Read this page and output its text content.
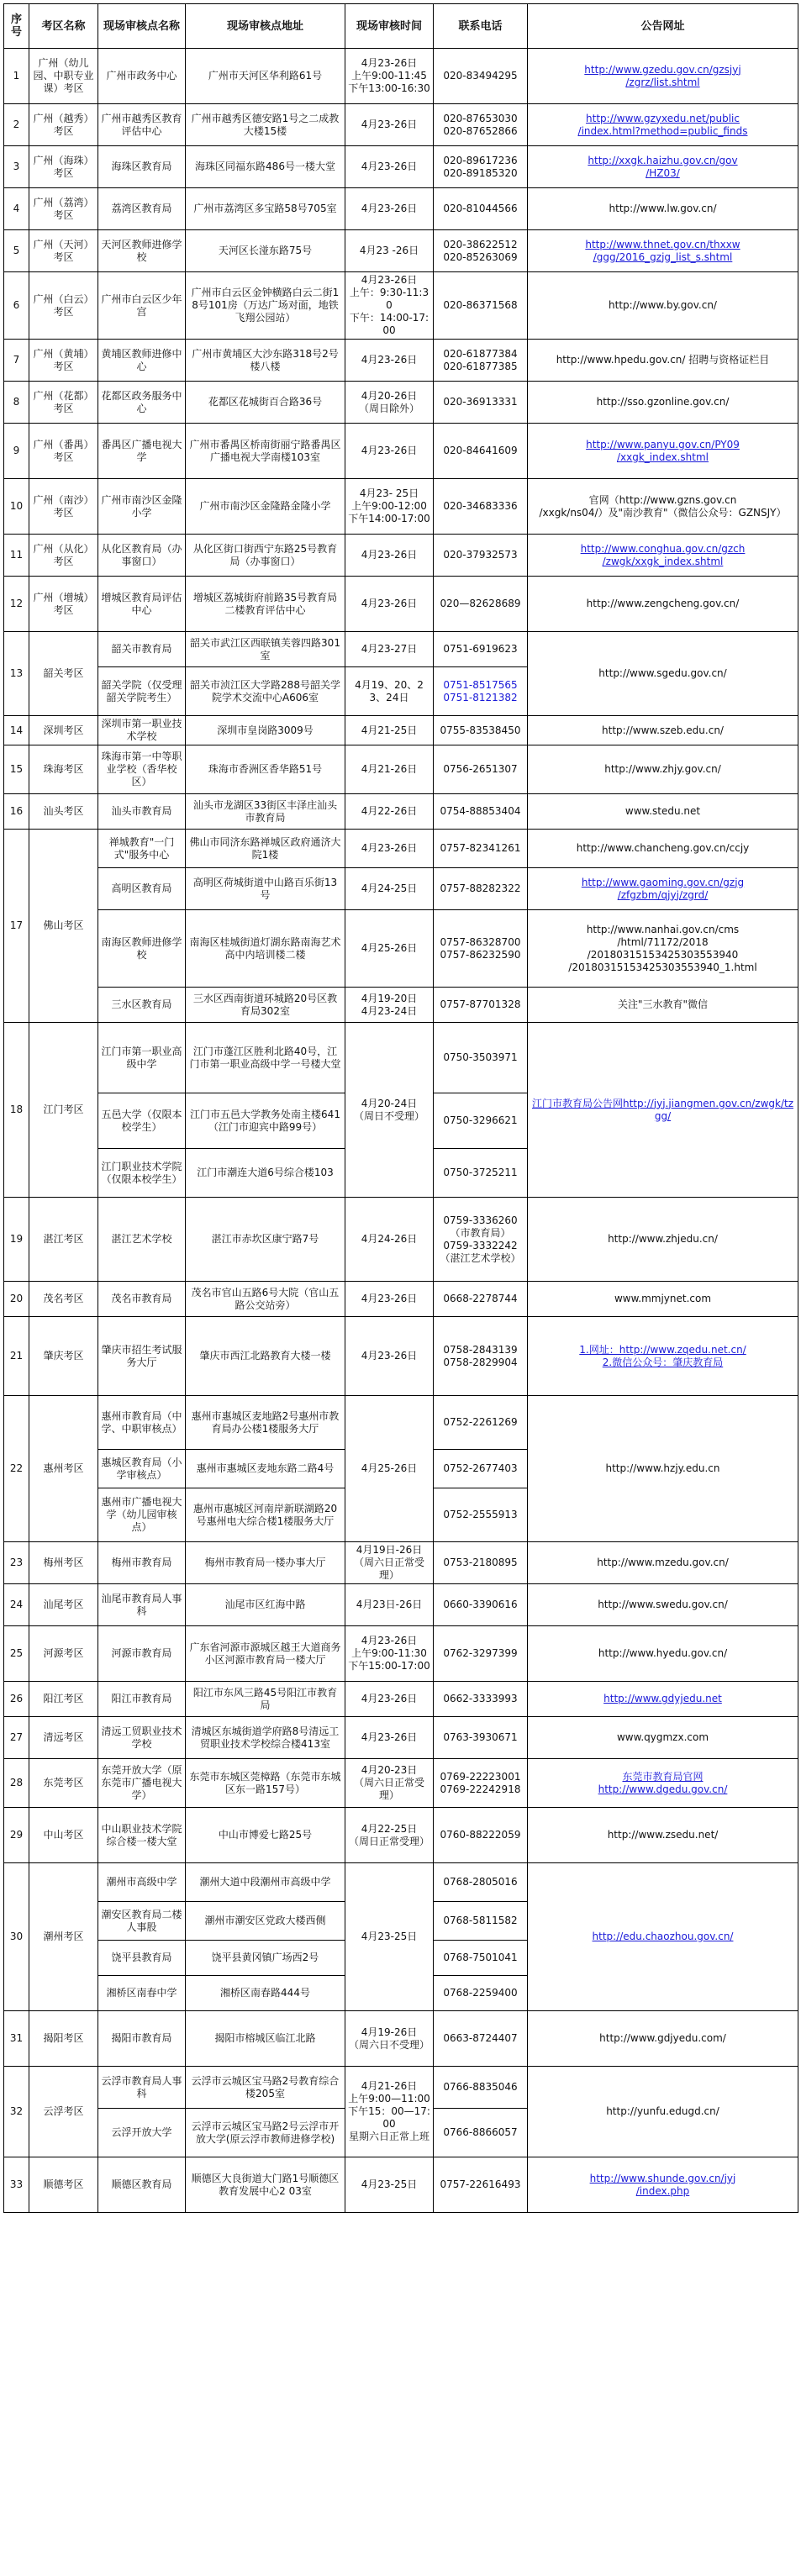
序号	考区名称	现场审核点名称	现场审核点地址	现场审核时间	联系电话	公告网址
1	广州（幼儿园、中职专业课）考区	广州市政务中心	广州市天河区华利路61号	4月23-26日
上午9:00-11:45
下午13:00-16:30	020-83494295	http://www.gzedu.gov.cn/gzsjyj
/zgrz/list.shtml
2	广州（越秀）考区	广州市越秀区教育评估中心	广州市越秀区德安路1号之二成教大楼15楼	4月23-26日	020-87653030
020-87652866	http://www.gzyxedu.net/public
/index.html?method=public_finds
3	广州（海珠）考区	海珠区教育局	海珠区同福东路486号一楼大堂	4月23-26日	020-89617236
020-89185320	http://xxgk.haizhu.gov.cn/gov
/HZ03/
4	广州（荔湾）考区	荔湾区教育局	广州市荔湾区多宝路58号705室	4月23-26日	020-81044566	http://www.lw.gov.cn/
5	广州（天河）考区	天河区教师进修学校	天河区长湴东路75号	4月23 -26日	020-38622512
020-85263069	http://www.thnet.gov.cn/thxxw
/ggg/2016_gzjg_list_s.shtml
6	广州（白云）考区	广州市白云区少年宫	广州市白云区金钟横路白云二街18号101房（万达广场对面，地铁飞翔公园站）	4月23-26日
上午：9:30-11:30
下午：14:00-17:00	020-86371568	http://www.by.gov.cn/
7	广州（黄埔）考区	黄埔区教师进修中心	广州市黄埔区大沙东路318号2号楼八楼	4月23-26日	020-61877384
020-61877385	http://www.hpedu.gov.cn/ 招聘与资格证栏目
8	广州（花都）考区	花都区政务服务中心	花都区花城街百合路36号	4月20-26日
（周日除外）	020-36913331	http://sso.gzonline.gov.cn/
9	广州（番禺）考区	番禺区广播电视大学	广州市番禺区桥南街丽宁路番禺区广播电视大学南楼103室	4月23-26日	020-84641609	http://www.panyu.gov.cn/PY09
/xxgk_index.shtml
10	广州（南沙）考区	广州市南沙区金隆小学	广州市南沙区金隆路金隆小学	4月23- 25日
上午9:00-12:00
下午14:00-17:00	020-34683336	官网（http://www.gzns.gov.cn
/xxgk/ns04/）及"南沙教育"（微信公众号：GZNSJY）
11	广州（从化）考区	从化区教育局（办事窗口）	从化区街口街西宁东路25号教育局（办事窗口）	4月23-26日	020-37932573	http://www.conghua.gov.cn/gzch
/zwgk/xxgk_index.shtml
12	广州（增城）考区	增城区教育局评估中心	增城区荔城街府前路35号教育局二楼教育评估中心	4月23-26日	020—82628689	http://www.zengcheng.gov.cn/
13	韶关考区	韶关市教育局	韶关市武江区西联镇芙蓉四路301室	4月23-27日	0751-6919623	http://www.sgedu.gov.cn/
		韶关学院（仅受理韶关学院考生）	韶关市浈江区大学路288号韶关学院学术交流中心A606室	4月19、20、23、24日	0751-8517565
0751-8121382	
14	深圳考区	深圳市第一职业技术学校	深圳市皇岗路3009号	4月21-25日	0755-83538450	http://www.szeb.edu.cn/
15	珠海考区	珠海市第一中等职业学校（香华校区）	珠海市香洲区香华路51号	4月21-26日	0756-2651307	http://www.zhjy.gov.cn/
16	汕头考区	汕头市教育局	汕头市龙湖区33街区丰泽庄汕头市教育局	4月22-26日	0754-88853404	www.stedu.net
17	佛山考区	禅城教育"一门式"服务中心	佛山市同济东路禅城区政府通济大院1楼	4月23-26日	0757-82341261	http://www.chancheng.gov.cn/ccjy
		高明区教育局	高明区荷城街道中山路百乐街13号	4月24-25日	0757-88282322	http://www.gaoming.gov.cn/gzjg
/zfgzbm/qjyj/zgrd/
		南海区教师进修学校	南海区桂城街道灯湖东路南海艺术高中内培训楼二楼	4月25-26日	0757-86328700
0757-86232590	http://www.nanhai.gov.cn/cms
/html/71172/2018
/20180315153425303553940
/20180315153425303553940_1.html
		三水区教育局	三水区西南街道环城路20号区教育局302室	4月19-20日
4月23-24日	0757-87701328	关注"三水教育"微信

18	江门考区	江门市第一职业高级中学	江门市蓬江区胜利北路40号，江门市第一职业高级中学一号楼大堂	4月20-24日
（周日不受理）	0750-3503971	江门市教育局公告网http://jyj.jiangmen.gov.cn/zwgk/tzgg/
		五邑大学（仅限本校学生）	江门市五邑大学教务处南主楼641（江门市迎宾中路99号）		0750-3296621	
		江门职业技术学院（仅限本校学生）	江门市潮连大道6号综合楼103		0750-3725211	
19	湛江考区	湛江艺术学校	湛江市赤坎区康宁路7号	4月24-26日	0759-3336260
（市教育局）
0759-3332242
（湛江艺术学校）	http://www.zhjedu.cn/
20	茂名考区	茂名市教育局	茂名市官山五路6号大院（官山五路公交站旁）	4月23-26日	0668-2278744	www.mmjynet.com
21	肇庆考区	肇庆市招生考试服务大厅	肇庆市西江北路教育大楼一楼	4月23-26日	0758-2843139
0758-2829904	1.网址：http://www.zqedu.net.cn/
2.微信公众号：肇庆教育局
22	惠州考区	惠州市教育局（中学、中职审核点）	惠州市惠城区麦地路2号惠州市教育局办公楼1楼服务大厅	4月25-26日	0752-2261269	http://www.hzjy.edu.cn
		惠城区教育局（小学审核点）	惠州市惠城区麦地东路二路4号		0752-2677403	
		惠州市广播电视大学（幼儿园审核点）	惠州市惠城区河南岸新联湖路20号惠州电大综合楼1楼服务大厅		0752-2555913	
23	梅州考区	梅州市教育局	梅州市教育局一楼办事大厅	4月19日-26日
（周六日正常受理）	0753-2180895	http://www.mzedu.gov.cn/
24	汕尾考区	汕尾市教育局人事科	汕尾市区红海中路	4月23日-26日	0660-3390616	http://www.swedu.gov.cn/
25	河源考区	河源市教育局	广东省河源市源城区越王大道商务小区河源市教育局一楼大厅	4月23-26日
上午9:00-11:30
下午15:00-17:00	0762-3297399	http://www.hyedu.gov.cn/
26	阳江考区	阳江市教育局	阳江市东风三路45号阳江市教育局	4月23-26日	0662-3333993	http://www.gdyjedu.net
27	清远考区	清远工贸职业技术学校	清城区东城街道学府路8号清远工贸职业技术学校综合楼413室	4月23-26日	0763-3930671	www.qygmzx.com
28	东莞考区	东莞开放大学（原东莞市广播电视大学）	东莞市东城区莞樟路（东莞市东城区东一路157号）	4月20-23日
（周六日正常受理）	0769-22223001
0769-22242918	东莞市教育局官网
http://www.dgedu.gov.cn/
29	中山考区	中山职业技术学院综合楼一楼大堂	中山市博爱七路25号	4月22-25日
（周日正常受理）	0760-88222059	http://www.zsedu.net/
30	潮州考区	潮州市高级中学	潮州大道中段潮州市高级中学	4月23-25日	0768-2805016	http://edu.chaozhou.gov.cn/
		潮安区教育局二楼人事股	潮州市潮安区党政大楼西侧		0768-5811582	
		饶平县教育局	饶平县黄冈镇广场西2号		0768-7501041	
		湘桥区南春中学	湘桥区南春路444号		0768-2259400	
31	揭阳考区	揭阳市教育局	揭阳市榕城区临江北路	4月19-26日
（周六日不受理）	0663-8724407	http://www.gdjyedu.com/
32	云浮考区	云浮市教育局人事科	云浮市云城区宝马路2号教育综合楼205室	4月21-26日
上午9:00—11:00
下午15：00—17:00
星期六日正常上班	0766-8835046	http://yunfu.edugd.cn/
		云浮开放大学	云浮市云城区宝马路2号云浮市开放大学(原云浮市教师进修学校)		0766-8866057	
33	顺德考区	顺德区教育局	顺德区大良街道大门路1号顺德区教育发展中心2 03室	4月23-25日	0757-22616493	http://www.shunde.gov.cn/jyj
/index.php
